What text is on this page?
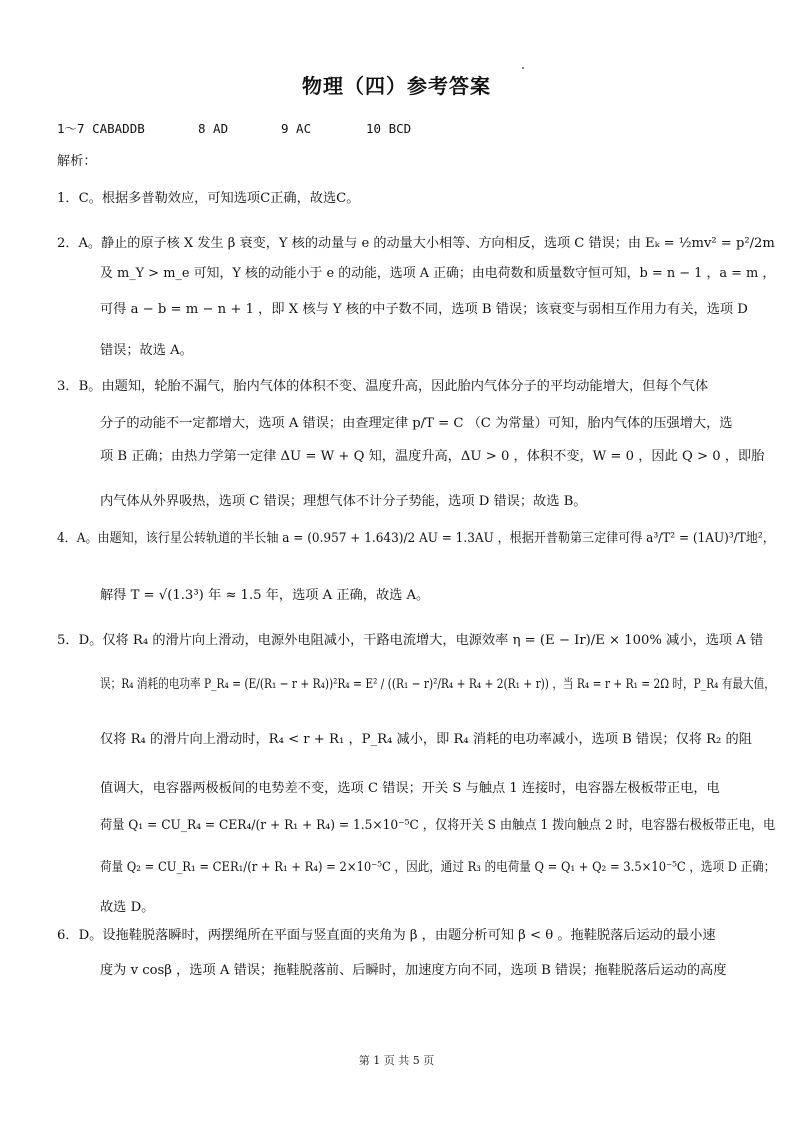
物理（四）参考答案
1～7 CABADDB	8 AD	9 AC	10 BCD
解析：
1．C。根据多普勒效应，可知选项C正确，故选C。
2．A。静止的原子核 X 发生 β 衰变，Y 核的动量与 e 的动量大小相等、方向相反，选项 C 错误；由 Eₖ = ½mv² = p²/2m
及 m_Y > m_e 可知，Y 核的动能小于 e 的动能，选项 A 正确；由电荷数和质量数守恒可知，b = n − 1 ，a = m ，
可得 a − b = m − n + 1 ，即 X 核与 Y 核的中子数不同，选项 B 错误；该衰变与弱相互作用力有关，选项 D
错误；故选 A。
3．B。由题知，轮胎不漏气，胎内气体的体积不变、温度升高，因此胎内气体分子的平均动能增大，但每个气体
分子的动能不一定都增大，选项 A 错误；由查理定律 p/T = C （C 为常量）可知，胎内气体的压强增大，选
项 B 正确；由热力学第一定律 ΔU = W + Q 知，温度升高，ΔU > 0 ，体积不变，W = 0 ，因此 Q > 0 ，即胎
内气体从外界吸热，选项 C 错误；理想气体不计分子势能，选项 D 错误；故选 B。
4．A。由题知，该行星公转轨道的半长轴 a = (0.957 + 1.643)/2 AU = 1.3AU ，根据开普勒第三定律可得 a³/T² = (1AU)³/T地²，
解得 T = √(1.3³) 年 ≈ 1.5 年，选项 A 正确，故选 A。
5．D。仅将 R₄ 的滑片向上滑动，电源外电阻减小，干路电流增大，电源效率 η = (E − Ir)/E × 100% 减小，选项 A 错
误；R₄ 消耗的电功率 P_R₄ = (E/(R₁ − r + R₄))²R₄ = E² / ((R₁ − r)²/R₄ + R₄ + 2(R₁ + r)) ，当 R₄ = r + R₁ = 2Ω 时，P_R₄ 有最大值，
仅将 R₄ 的滑片向上滑动时，R₄ < r + R₁ ，P_R₄ 减小，即 R₄ 消耗的电功率减小，选项 B 错误；仅将 R₂ 的阻
值调大，电容器两极板间的电势差不变，选项 C 错误；开关 S 与触点 1 连接时，电容器左极板带正电，电
荷量 Q₁ = CU_R₄ = CER₄/(r + R₁ + R₄) = 1.5×10⁻⁵C ，仅将开关 S 由触点 1 拨向触点 2 时，电容器右极板带正电，电
荷量 Q₂ = CU_R₁ = CER₁/(r + R₁ + R₄) = 2×10⁻⁵C ，因此，通过 R₃ 的电荷量 Q = Q₁ + Q₂ = 3.5×10⁻⁵C ，选项 D 正确；
故选 D。
6．D。设拖鞋脱落瞬时，两摆绳所在平面与竖直面的夹角为 β ，由题分析可知 β < θ 。拖鞋脱落后运动的最小速
度为 v cosβ ，选项 A 错误；拖鞋脱落前、后瞬时，加速度方向不同，选项 B 错误；拖鞋脱落后运动的高度
第 1 页 共 5 页
